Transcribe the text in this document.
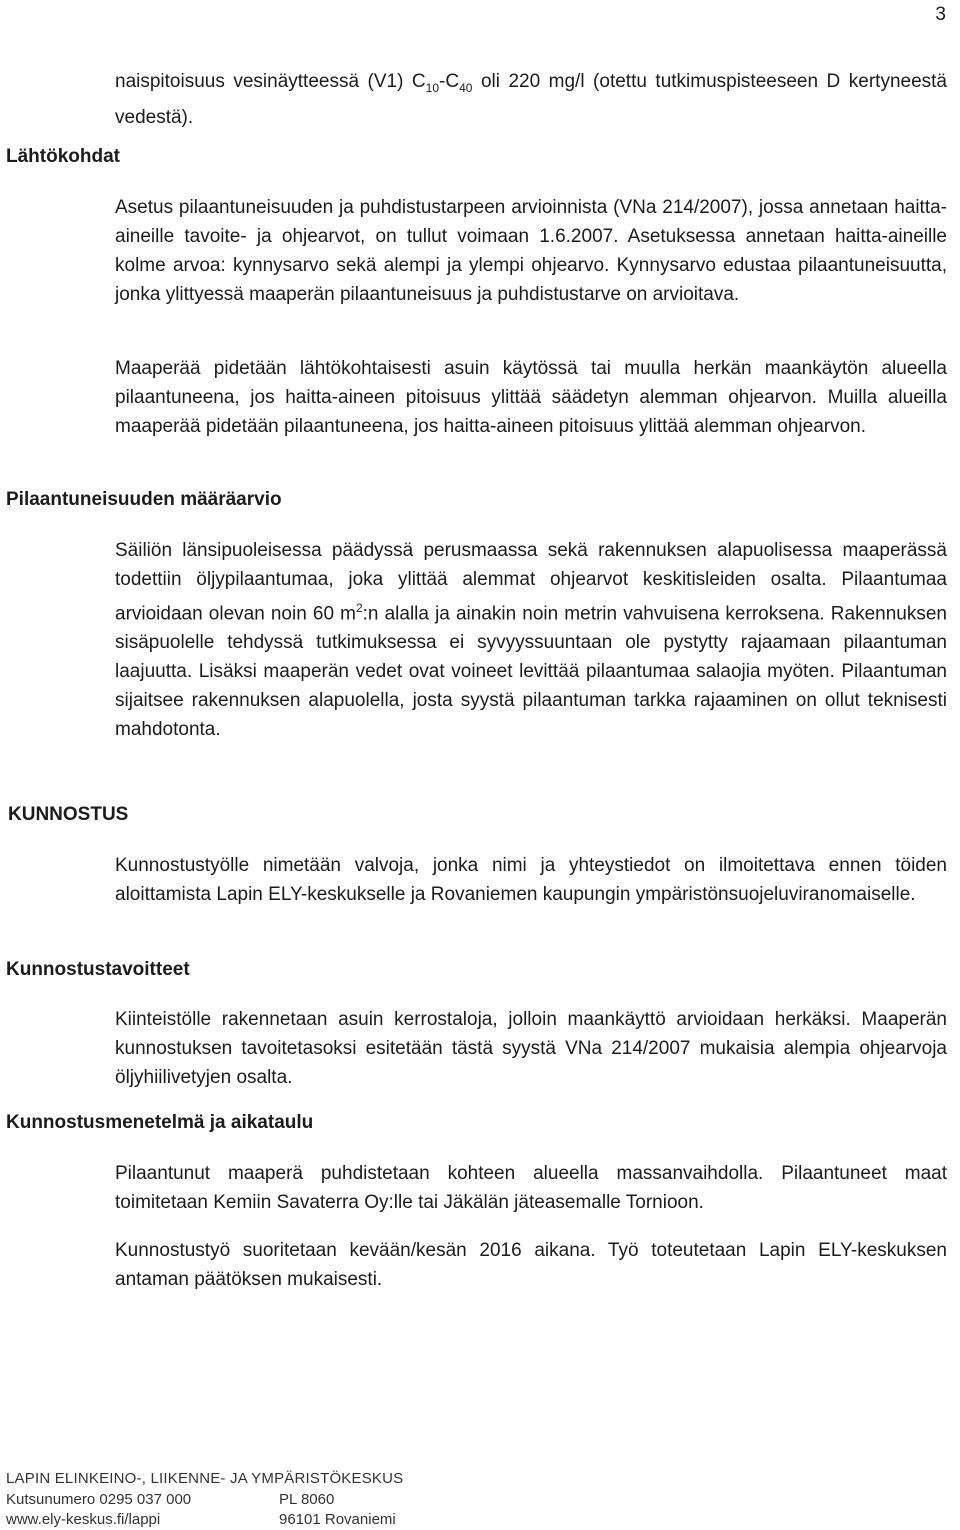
3

naispitoisuus vesinäytteessä (V1) $C_{10}-C_{40}$ oli 220 mg/l (otettu tutkimuspisteeseen D kertyneestä vedestä).

Lähtökohdat

Asetus pilaantuneisuuden ja puhdistustarpeen arvioinnista (VNa 214/2007), jossa annetaan haitta-aineille tavoite- ja ohjearvot, on tullut voimaan 1.6.2007. Asetuksessa annetaan haitta-aineille kolme arvoa: kynnysarvo sekä alempi ja ylempi ohjearvo. Kynnysarvo edustaa pilaantuneisuutta, jonka ylittyessä maaperän pilaantuneisuus ja puhdistustarve on arvioitava.

Maaperää pidetään lähtökohtaisesti asuin käytössä tai muulla herkän maankäytön alueella pilaantuneena, jos haitta-aineen pitoisuus ylittää säädetyn alemman ohjearvon. Muilla alueilla maaperää pidetään pilaantuneena, jos haitta-aineen pitoisuus ylittää alemman ohjearvon.

Pilaantuneisuuden määräarvio

Säiliön länsipuoleisessa päädyssä perusmaassa sekä rakennuksen alapuolisessa maaperässä todettiin öljypilaantumaa, joka ylittää alemmat ohjearvot keskitisleiden osalta. Pilaantumaa arvioidaan olevan noin 60 $m^2:n$ alalla ja ainakin noin metrin vahvuisena kerroksena. Rakennuksen sisäpuolelle tehdyssä tutkimuksessa ei syvyyssuuntaan ole pystytty rajaamaan pilaantuman laajuutta. Lisäksi maaperän vedet ovat voineet levittää pilaantumaa salaojia myöten. Pilaantuman sijaitsee rakennuksen alapuolella, josta syystä pilaantuman tarkka rajaaminen on ollut teknisesti mahdotonta.

KUNNOSTUS

Kunnostustyölle nimetään valvoja, jonka nimi ja yhteystiedot on ilmoitettava ennen töiden aloittamista Lapin ELY-keskukselle ja Rovaniemen kaupungin ympäristönsuojeluviranomaiselle.

Kunnostustavoitteet

Kiinteistölle rakennetaan asuin kerrostaloja, jolloin maankäyttö arvioidaan herkäksi. Maaperän kunnostuksen tavoitetasoksi esitetään tästä syystä VNa 214/2007 mukaisia alempia ohjearvoja öljyhiilivetyjen osalta.

Kunnostusmenetelmä ja aikataulu

Pilaantunut maaperä puhdistetaan kohteen alueella massanvaihdolla. Pilaantuneet maat toimitetaan Kemiin Savaterra Oy:lle tai Jäkälän jäteasemalle Tornioon.

Kunnostustyö suoritetaan kevään/kesän 2016 aikana. Työ toteutetaan Lapin ELY-keskuksen antaman päätöksen mukaisesti.

LAPIN ELINKEINO-, LIIKENNE- JA YMPÄRISTÖKESKUS
Kutsunumero 0295 037 000	PL 8060
www.ely-keskus.fi/lappi	96101 Rovaniemi
